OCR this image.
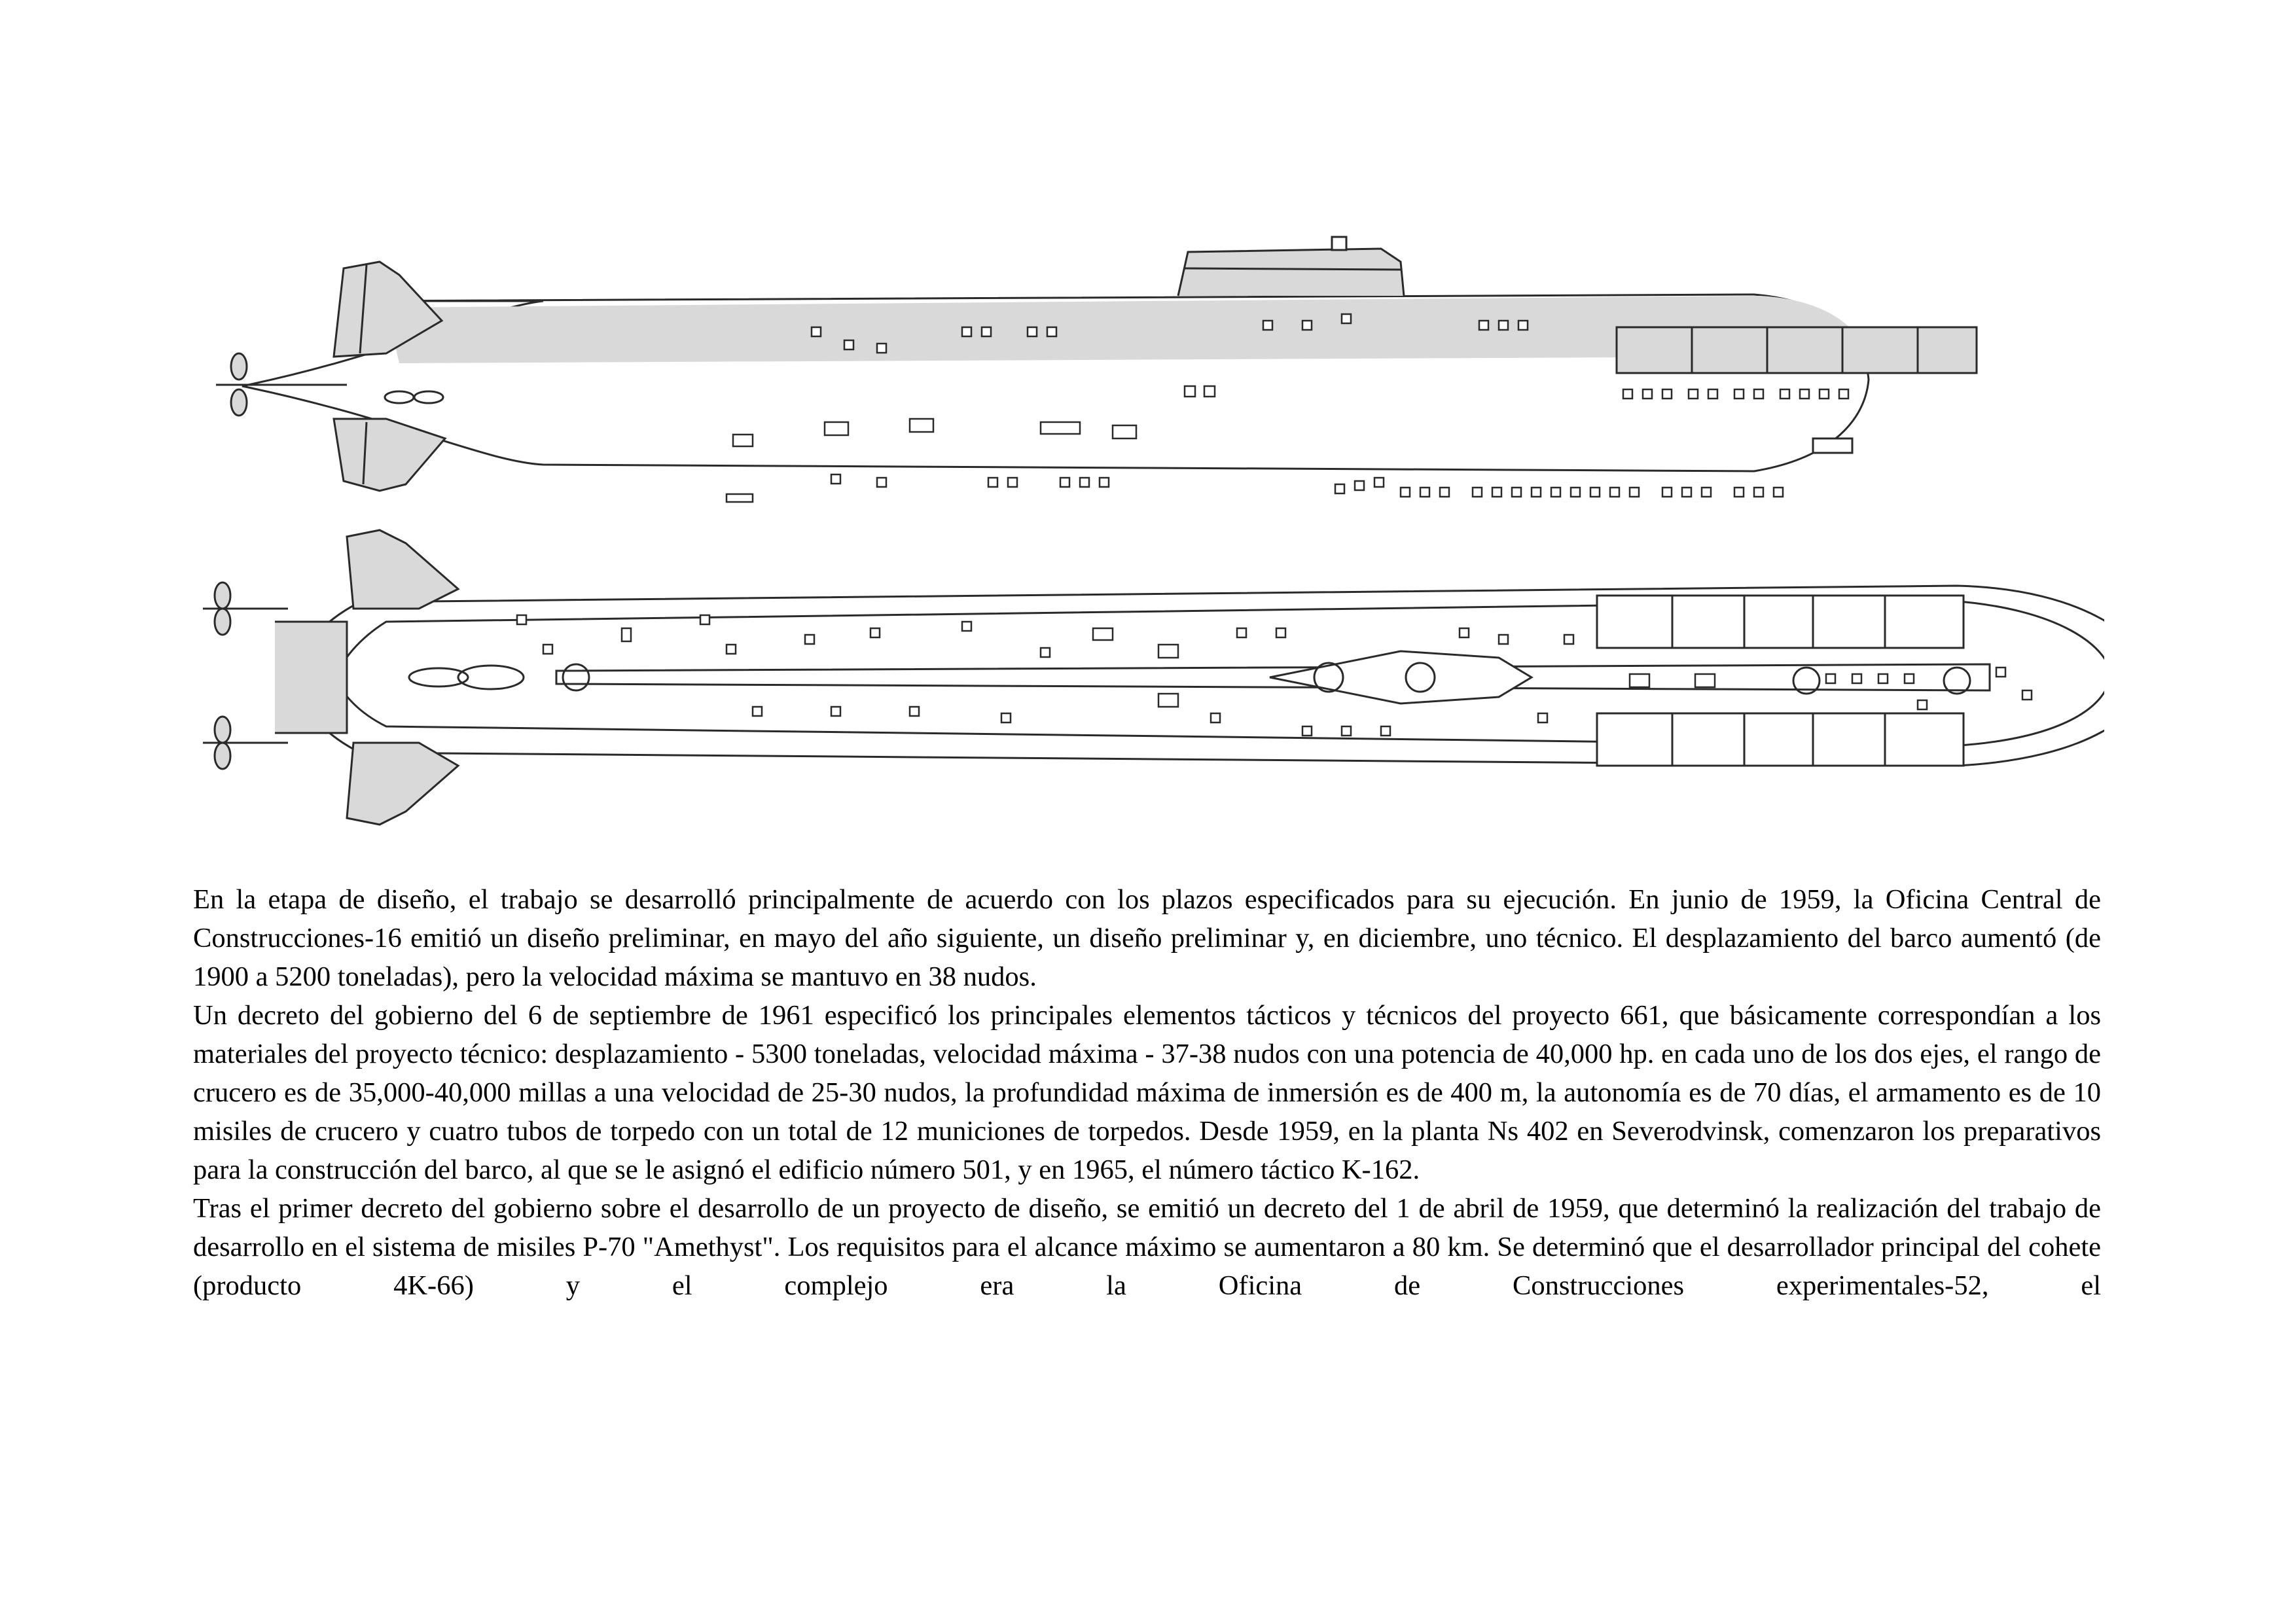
En la etapa de diseño, el trabajo se desarrolló principalmente de acuerdo con los plazos especificados para su ejecución. En junio de 1959, la Oficina Central de Construcciones-16 emitió un diseño preliminar, en mayo del año siguiente, un diseño preliminar y, en diciembre, uno técnico. El desplazamiento del barco aumentó (de 1900 a 5200 toneladas), pero la velocidad máxima se mantuvo en 38 nudos.

Un decreto del gobierno del 6 de septiembre de 1961 especificó los principales elementos tácticos y técnicos del proyecto 661, que básicamente correspondían a los materiales del proyecto técnico: desplazamiento - 5300 toneladas, velocidad máxima - 37-38 nudos con una potencia de 40,000 hp. en cada uno de los dos ejes, el rango de crucero es de 35,000-40,000 millas a una velocidad de 25-30 nudos, la profundidad máxima de inmersión es de 400 m, la autonomía es de 70 días, el armamento es de 10 misiles de crucero y cuatro tubos de torpedo con un total de 12 municiones de torpedos. Desde 1959, en la planta Ns 402 en Severodvinsk, comenzaron los preparativos para la construcción del barco, al que se le asignó el edificio número 501, y en 1965, el número táctico K-162.

Tras el primer decreto del gobierno sobre el desarrollo de un proyecto de diseño, se emitió un decreto del 1 de abril de 1959, que determinó la realización del trabajo de desarrollo en el sistema de misiles P-70 "Amethyst". Los requisitos para el alcance máximo se aumentaron a 80 km. Se determinó que el desarrollador principal del cohete (producto 4K-66) y el complejo era la Oficina de Construcciones experimentales-52, el
